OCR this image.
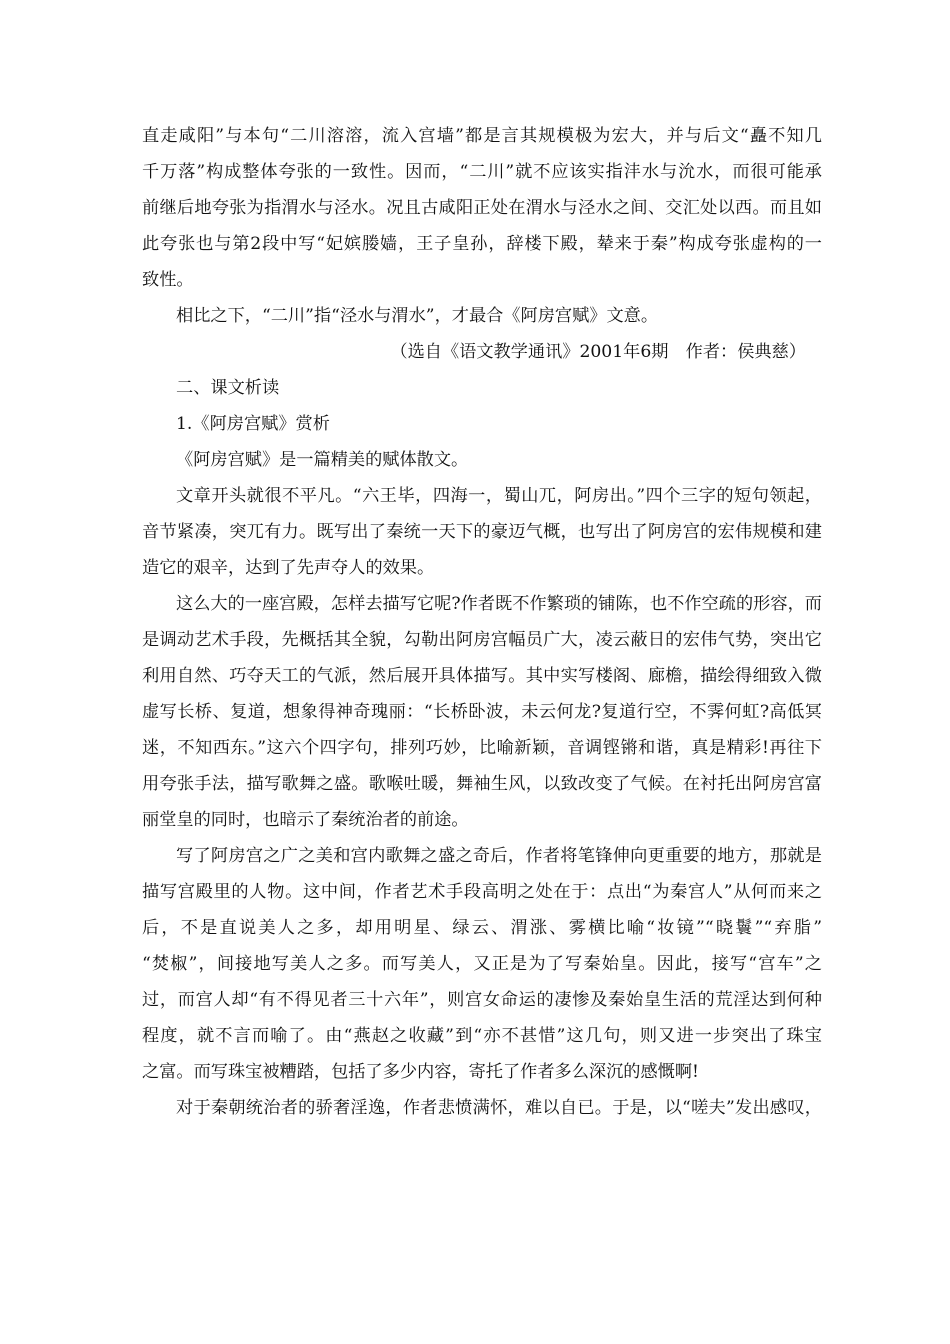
直走咸阳”与本句“二川溶溶，流入宫墙”都是言其规模极为宏大，并与后文“矗不知几
千万落”构成整体夸张的一致性。因而，“二川”就不应该实指沣水与沇水，而很可能承
前继后地夸张为指渭水与泾水。况且古咸阳正处在渭水与泾水之间、交汇处以西。而且如
此夸张也与第2段中写“妃嫔媵嫱，王子皇孙，辞楼下殿，辇来于秦”构成夸张虚构的一
致性。
相比之下，“二川”指“泾水与渭水”，才最合《阿房宫赋》文意。
（选自《语文教学通讯》2001年6期　作者：侯典慈）
二、课文析读
1.《阿房宫赋》赏析
《阿房宫赋》是一篇精美的赋体散文。
文章开头就很不平凡。“六王毕，四海一，蜀山兀，阿房出。”四个三字的短句领起，
音节紧凑，突兀有力。既写出了秦统一天下的豪迈气概，也写出了阿房宫的宏伟规模和建
造它的艰辛，达到了先声夺人的效果。
这么大的一座宫殿，怎样去描写它呢?作者既不作繁琐的铺陈，也不作空疏的形容，而
是调动艺术手段，先概括其全貌，勾勒出阿房宫幅员广大，凌云蔽日的宏伟气势，突出它
利用自然、巧夺天工的气派，然后展开具体描写。其中实写楼阁、廊檐，描绘得细致入微
虚写长桥、复道，想象得神奇瑰丽：“长桥卧波，未云何龙?复道行空，不霁何虹?高低冥
迷，不知西东。”这六个四字句，排列巧妙，比喻新颖，音调铿锵和谐，真是精彩!再往下
用夸张手法，描写歌舞之盛。歌喉吐暖，舞袖生风，以致改变了气候。在衬托出阿房宫富
丽堂皇的同时，也暗示了秦统治者的前途。
写了阿房宫之广之美和宫内歌舞之盛之奇后，作者将笔锋伸向更重要的地方，那就是
描写宫殿里的人物。这中间，作者艺术手段高明之处在于：点出“为秦宫人”从何而来之
后，不是直说美人之多，却用明星、绿云、渭涨、雾横比喻“妆镜”“晓鬟”“弃脂”
“焚椒”，间接地写美人之多。而写美人，又正是为了写秦始皇。因此，接写“宫车”之
过，而宫人却“有不得见者三十六年”，则宫女命运的凄惨及秦始皇生活的荒淫达到何种
程度，就不言而喻了。由“燕赵之收藏”到“亦不甚惜”这几句，则又进一步突出了珠宝
之富。而写珠宝被糟踏，包括了多少内容，寄托了作者多么深沉的感慨啊!
对于秦朝统治者的骄奢淫逸，作者悲愤满怀，难以自已。于是，以“嗟夫”发出感叹，
